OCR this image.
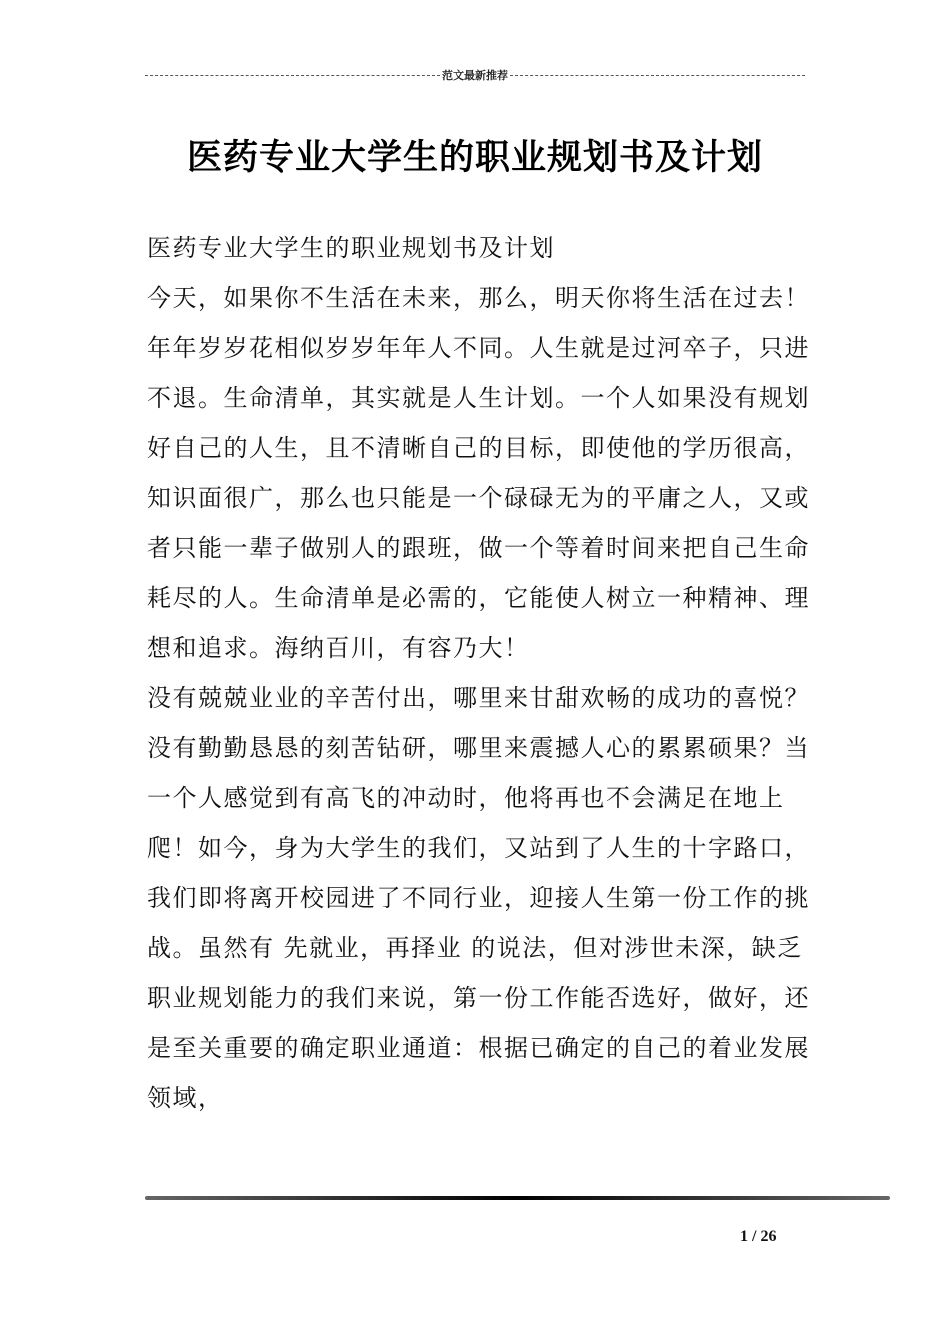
范文最新推荐
医药专业大学生的职业规划书及计划

医药专业大学生的职业规划书及计划

今天，如果你不生活在未来，那么，明天你将生活在过去！年年岁岁花相似岁岁年年人不同。人生就是过河卒子，只进不退。生命清单，其实就是人生计划。一个人如果没有规划好自己的人生，且不清晰自己的目标，即使他的学历很高，知识面很广，那么也只能是一个碌碌无为的平庸之人，又或者只能一辈子做别人的跟班，做一个等着时间来把自己生命耗尽的人。生命清单是必需的，它能使人树立一种精神、理想和追求。海纳百川，有容乃大！

没有兢兢业业的辛苦付出，哪里来甘甜欢畅的成功的喜悦？ 没有勤勤恳恳的刻苦钻研，哪里来震撼人心的累累硕果？当一个人感觉到有高飞的冲动时，他将再也不会满足在地上爬！如今，身为大学生的我们，又站到了人生的十字路口，我们即将离开校园进了不同行业，迎接人生第一份工作的挑战。虽然有 先就业，再择业 的说法，但对涉世未深，缺乏职业规划能力的我们来说，第一份工作能否选好，做好，还是至关重要的确定职业通道：根据已确定的自己的着业发展领域，

1 / 26
